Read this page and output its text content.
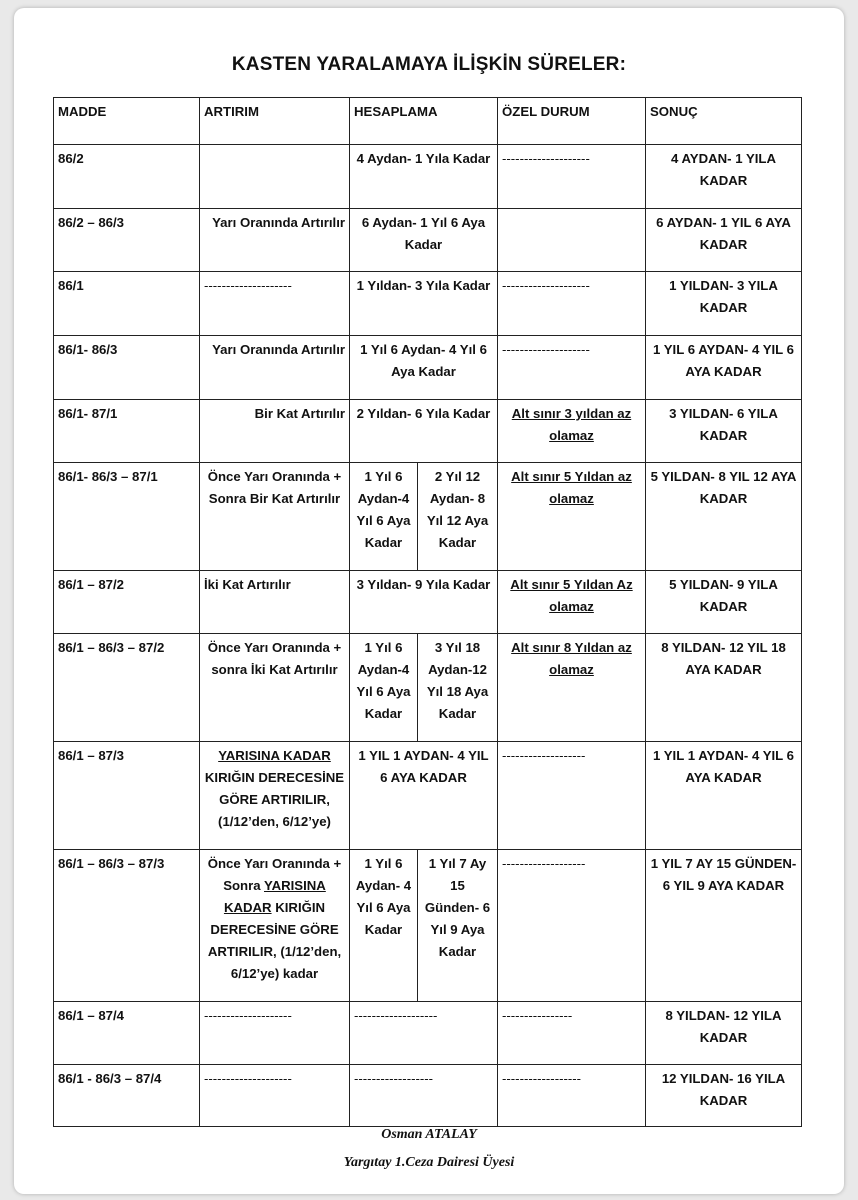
KASTEN YARALAMAYA İLİŞKİN SÜRELER:
MADDE	ARTIRIM	HESAPLAMA		ÖZEL DURUM	SONUÇ
86/2		4 Aydan- 1 Yıla Kadar		--------------------	4 AYDAN- 1 YILA KADAR
86/2 – 86/3	Yarı Oranında Artırılır	6 Aydan- 1 Yıl 6 Aya Kadar			6 AYDAN- 1 YIL 6 AYA KADAR
86/1	--------------------	1 Yıldan- 3 Yıla Kadar		--------------------	1 YILDAN- 3 YILA KADAR
86/1- 86/3	Yarı Oranında Artırılır	1 Yıl 6 Aydan- 4 Yıl 6 Aya Kadar		--------------------	1 YIL 6 AYDAN- 4 YIL 6 AYA KADAR
86/1- 87/1	Bir Kat Artırılır	2 Yıldan- 6 Yıla Kadar		Alt sınır 3 yıldan az olamaz	3 YILDAN- 6 YILA KADAR
86/1- 86/3 – 87/1	Önce Yarı Oranında + Sonra Bir Kat Artırılır	1 Yıl 6 Aydan-4 Yıl 6 Aya Kadar	2 Yıl 12 Aydan- 8 Yıl 12 Aya Kadar	Alt sınır 5 Yıldan az olamaz	5 YILDAN- 8 YIL 12 AYA KADAR
86/1 – 87/2	İki Kat Artırılır	3 Yıldan- 9 Yıla Kadar		Alt sınır 5 Yıldan Az olamaz	5 YILDAN- 9 YILA KADAR
86/1 – 86/3 – 87/2	Önce Yarı Oranında + sonra İki Kat Artırılır	1 Yıl 6 Aydan-4 Yıl 6 Aya Kadar	3 Yıl 18 Aydan-12 Yıl 18 Aya Kadar	Alt sınır 8 Yıldan az olamaz	8 YILDAN- 12 YIL 18 AYA KADAR
86/1 – 87/3	YARISINA KADAR KIRIĞIN DERECESİNE GÖRE ARTIRILIR, (1/12’den, 6/12’ye)	1 YIL 1 AYDAN- 4 YIL 6 AYA KADAR		-------------------	1 YIL 1 AYDAN- 4 YIL 6 AYA KADAR
86/1 – 86/3 – 87/3	Önce Yarı Oranında + Sonra YARISINA KADAR KIRIĞIN DERECESİNE GÖRE ARTIRILIR, (1/12’den, 6/12’ye) kadar	1 Yıl 6 Aydan- 4 Yıl 6 Aya Kadar	1 Yıl 7 Ay 15 Günden- 6 Yıl 9 Aya Kadar	-------------------	1 YIL 7 AY 15 GÜNDEN- 6 YIL 9 AYA KADAR
86/1 – 87/4	--------------------	-------------------		----------------	8 YILDAN- 12 YILA KADAR
86/1 - 86/3 – 87/4	--------------------	------------------		------------------	12 YILDAN- 16 YILA KADAR
Osman ATALAY
Yargıtay 1.Ceza Dairesi Üyesi
